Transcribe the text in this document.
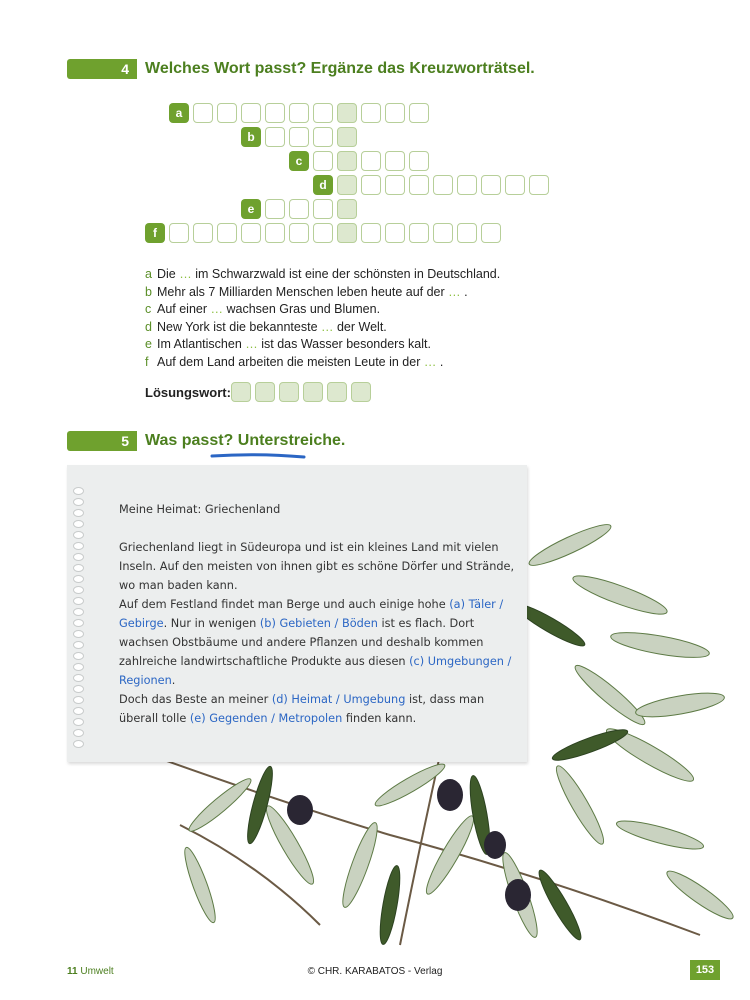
4	Welches Wort passt? Ergänze das Kreuzworträtsel.
a
b
c
d
e
f
a Die … im Schwarzwald ist eine der schönsten in Deutschland.
b Mehr als 7 Milliarden Menschen leben heute auf der … .
c Auf einer … wachsen Gras und Blumen.
d New York ist die bekannteste … der Welt.
e Im Atlantischen … ist das Wasser besonders kalt.
f Auf dem Land arbeiten die meisten Leute in der … .
Lösungswort:
5	Was passt? Unterstreiche.
Meine Heimat: Griechenland
Griechenland liegt in Südeuropa und ist ein kleines Land mit vielen Inseln. Auf den meisten von ihnen gibt es schöne Dörfer und Strände, wo man baden kann.
Auf dem Festland findet man Berge und auch einige hohe (a) Täler / Gebirge. Nur in wenigen (b) Gebieten / Böden ist es flach. Dort wachsen Obstbäume und andere Pflanzen und deshalb kommen zahlreiche landwirtschaftliche Produkte aus diesen (c) Umgebungen / Regionen.
Doch das Beste an meiner (d) Heimat / Umgebung ist, dass man überall tolle (e) Gegenden / Metropolen finden kann.
11 Umwelt	© CHR. KARABATOS - Verlag	153
